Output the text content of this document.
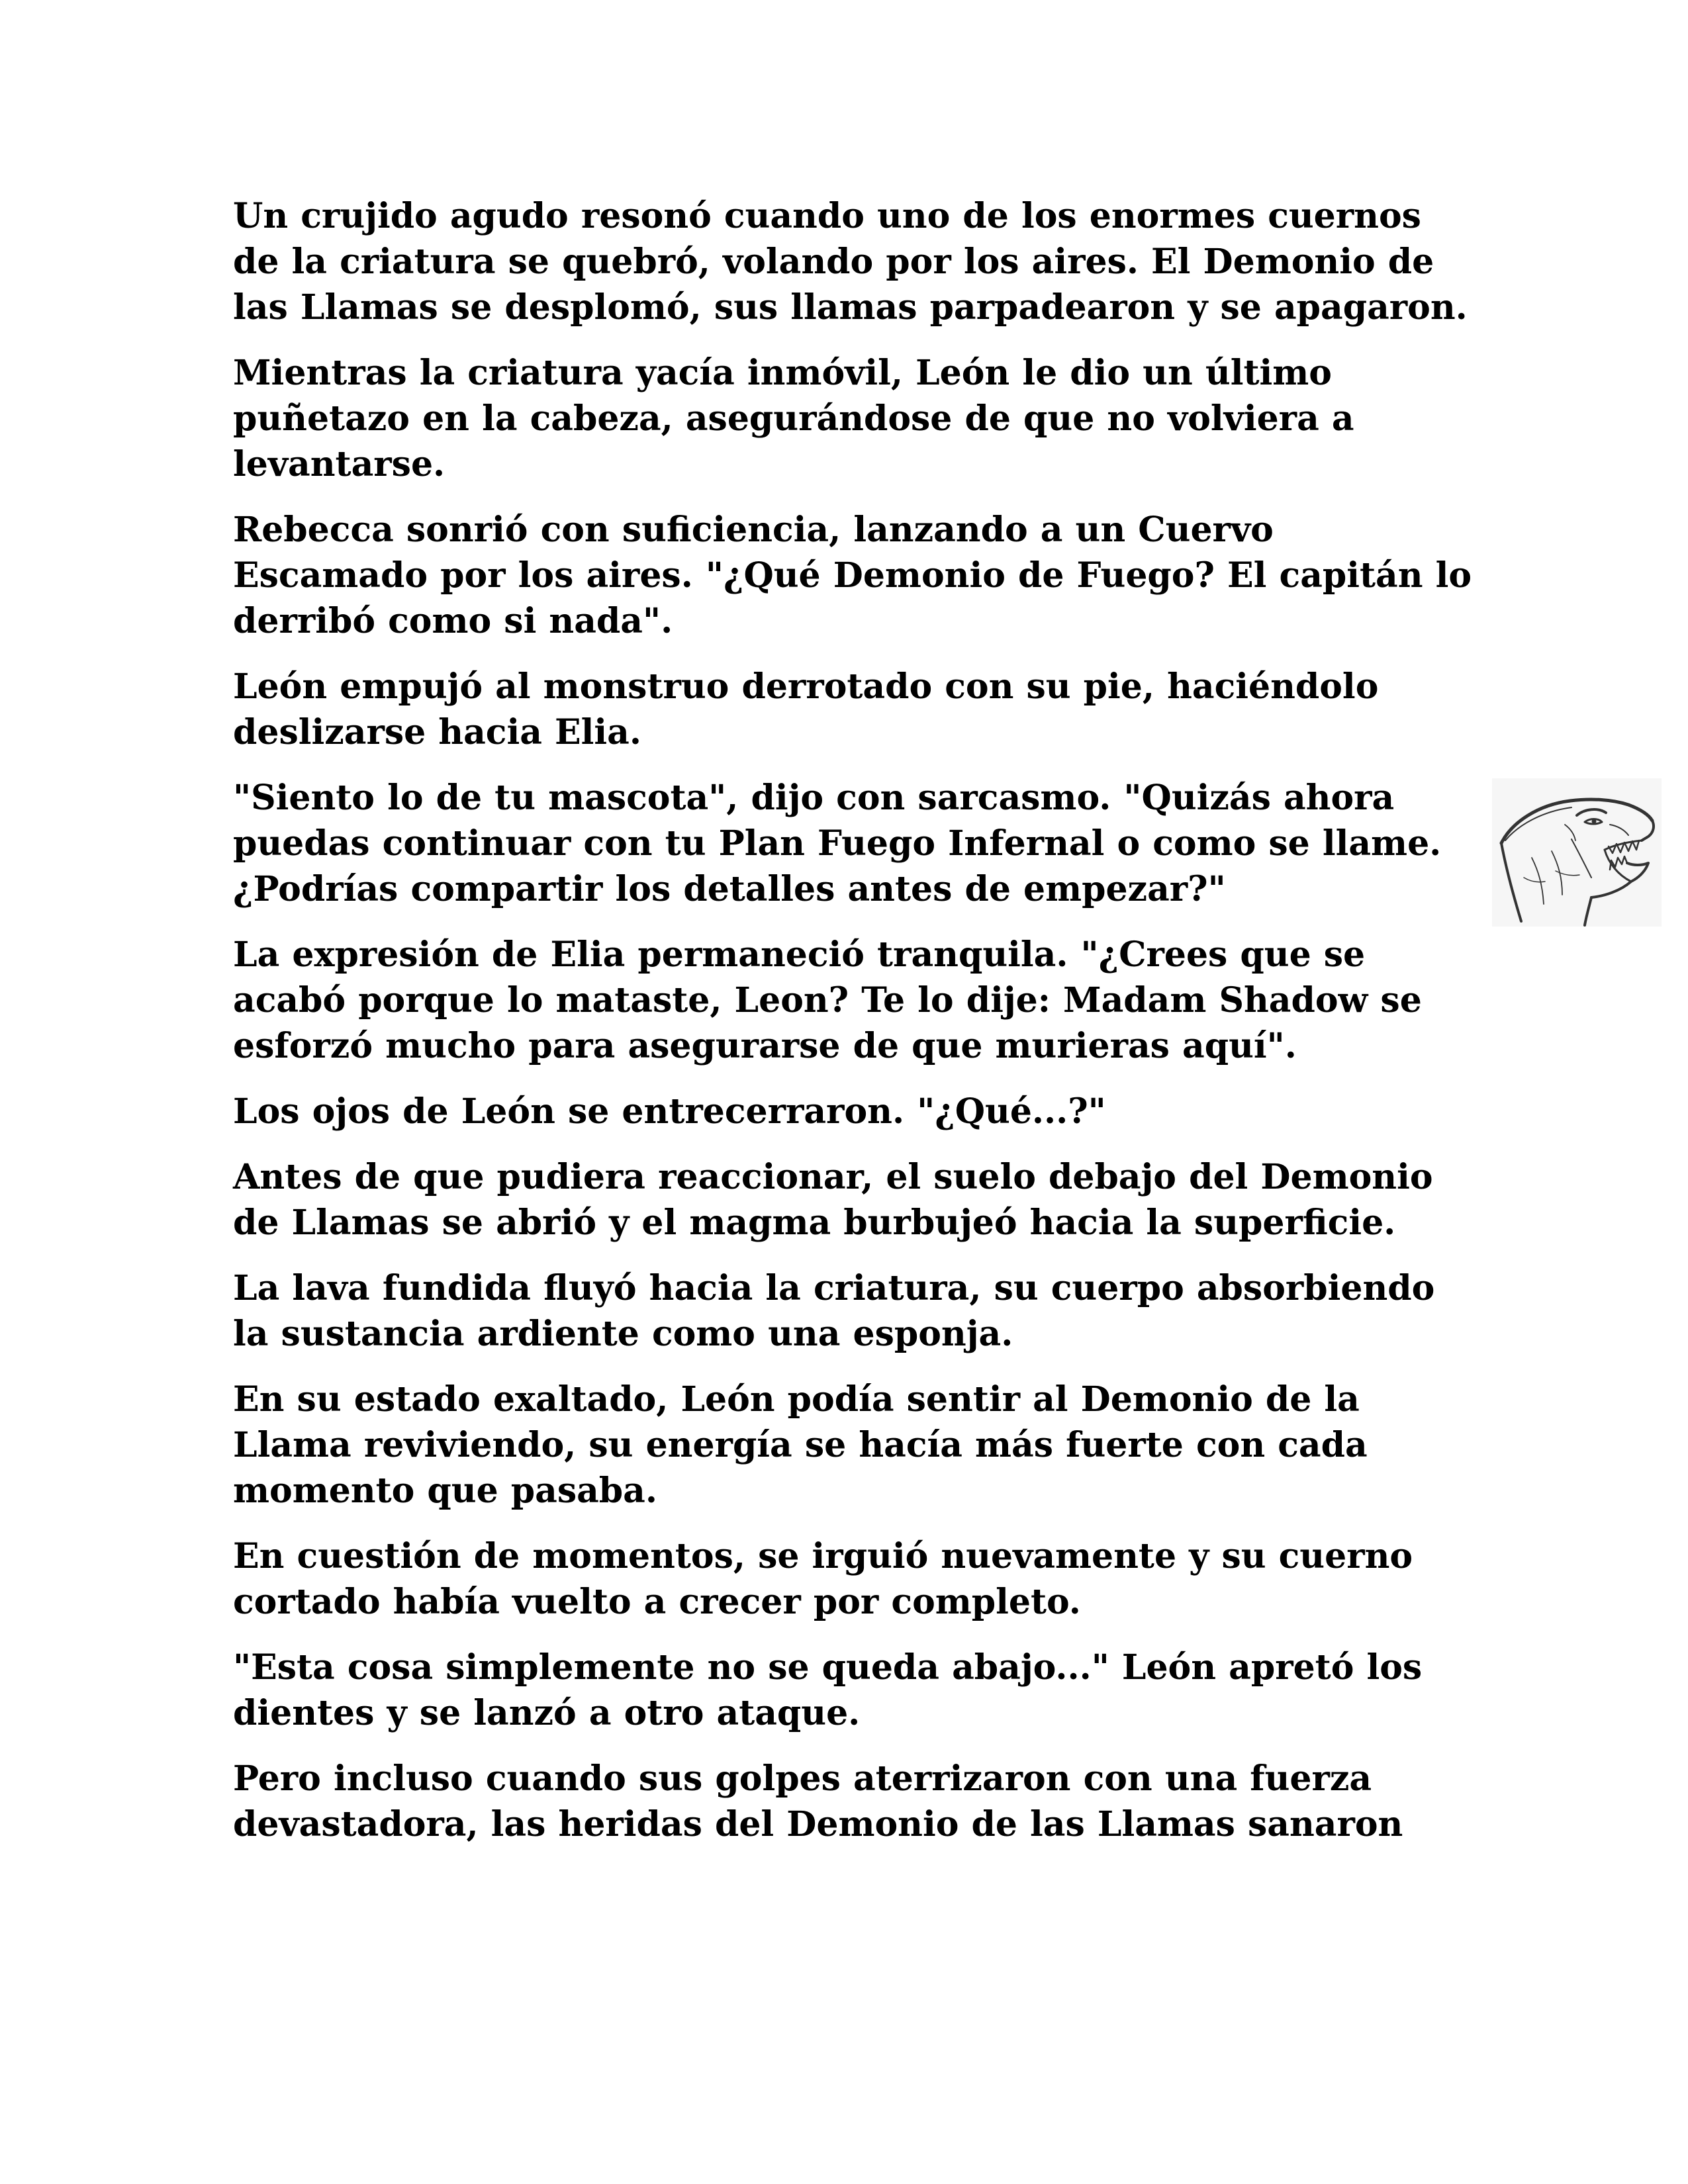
Un crujido agudo resonó cuando uno de los enormes cuernos de la criatura se quebró, volando por los aires. El Demonio de las Llamas se desplomó, sus llamas parpadearon y se apagaron.

Mientras la criatura yacía inmóvil, León le dio un último puñetazo en la cabeza, asegurándose de que no volviera a levantarse.

Rebecca sonrió con suficiencia, lanzando a un Cuervo Escamado por los aires. "¿Qué Demonio de Fuego? El capitán lo derribó como si nada".

León empujó al monstruo derrotado con su pie, haciéndolo deslizarse hacia Elia.

"Siento lo de tu mascota", dijo con sarcasmo. "Quizás ahora puedas continuar con tu Plan Fuego Infernal o como se llame. ¿Podrías compartir los detalles antes de empezar?"

La expresión de Elia permaneció tranquila. "¿Crees que se acabó porque lo mataste, Leon? Te lo dije: Madam Shadow se esforzó mucho para asegurarse de que murieras aquí".

Los ojos de León se entrecerraron. "¿Qué...?"

Antes de que pudiera reaccionar, el suelo debajo del Demonio de Llamas se abrió y el magma burbujeó hacia la superficie.

La lava fundida fluyó hacia la criatura, su cuerpo absorbiendo la sustancia ardiente como una esponja.

En su estado exaltado, León podía sentir al Demonio de la Llama reviviendo, su energía se hacía más fuerte con cada momento que pasaba.

En cuestión de momentos, se irguió nuevamente y su cuerno cortado había vuelto a crecer por completo.

"Esta cosa simplemente no se queda abajo..." León apretó los dientes y se lanzó a otro ataque.

Pero incluso cuando sus golpes aterrizaron con una fuerza devastadora, las heridas del Demonio de las Llamas sanaron
